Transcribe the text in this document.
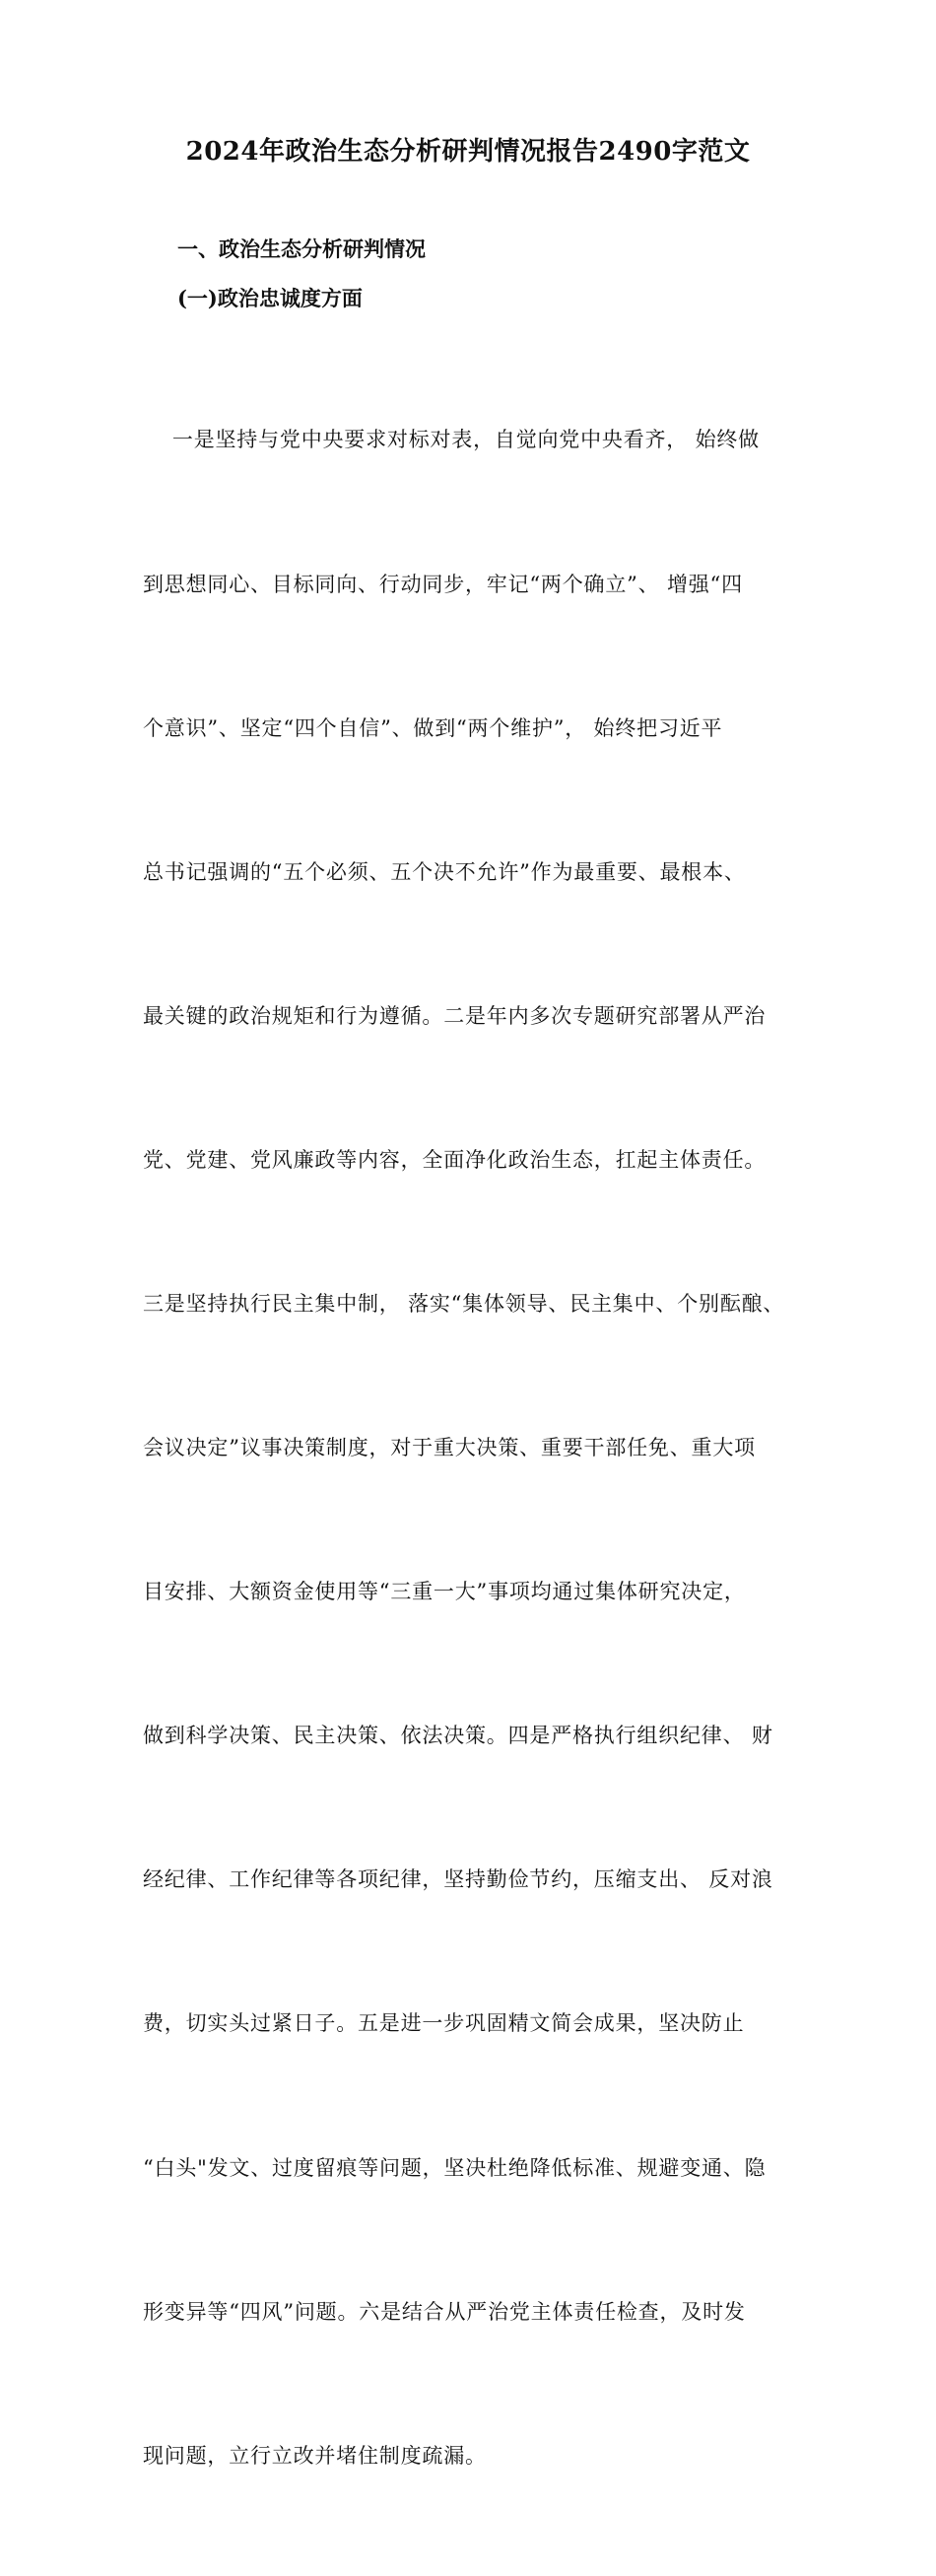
2024年政治生态分析研判情况报告2490字范文
一、政治生态分析研判情况
(一)政治忠诚度方面

一是坚持与党中央要求对标对表，自觉向党中央看齐， 始终做

到思想同心、目标同向、行动同步，牢记“两个确立”、 增强“四

个意识”、坚定“四个自信”、做到“两个维护”， 始终把习近平

总书记强调的“五个必须、五个决不允许”作为最重要、最根本、

最关键的政治规矩和行为遵循。二是年内多次专题研究部署从严治

党、党建、党风廉政等内容，全面净化政治生态，扛起主体责任。

三是坚持执行民主集中制， 落实“集体领导、民主集中、个别酝酿、

会议决定”议事决策制度，对于重大决策、重要干部任免、重大项

目安排、大额资金使用等“三重一大”事项均通过集体研究决定，

做到科学决策、民主决策、依法决策。四是严格执行组织纪律、 财

经纪律、工作纪律等各项纪律，坚持勤俭节约，压缩支出、 反对浪

费，切实头过紧日子。五是进一步巩固精文简会成果，坚决防止

“白头"发文、过度留痕等问题，坚决杜绝降低标准、规避变通、隐

形变异等“四风”问题。六是结合从严治党主体责任检查，及时发

现问题，立行立改并堵住制度疏漏。
